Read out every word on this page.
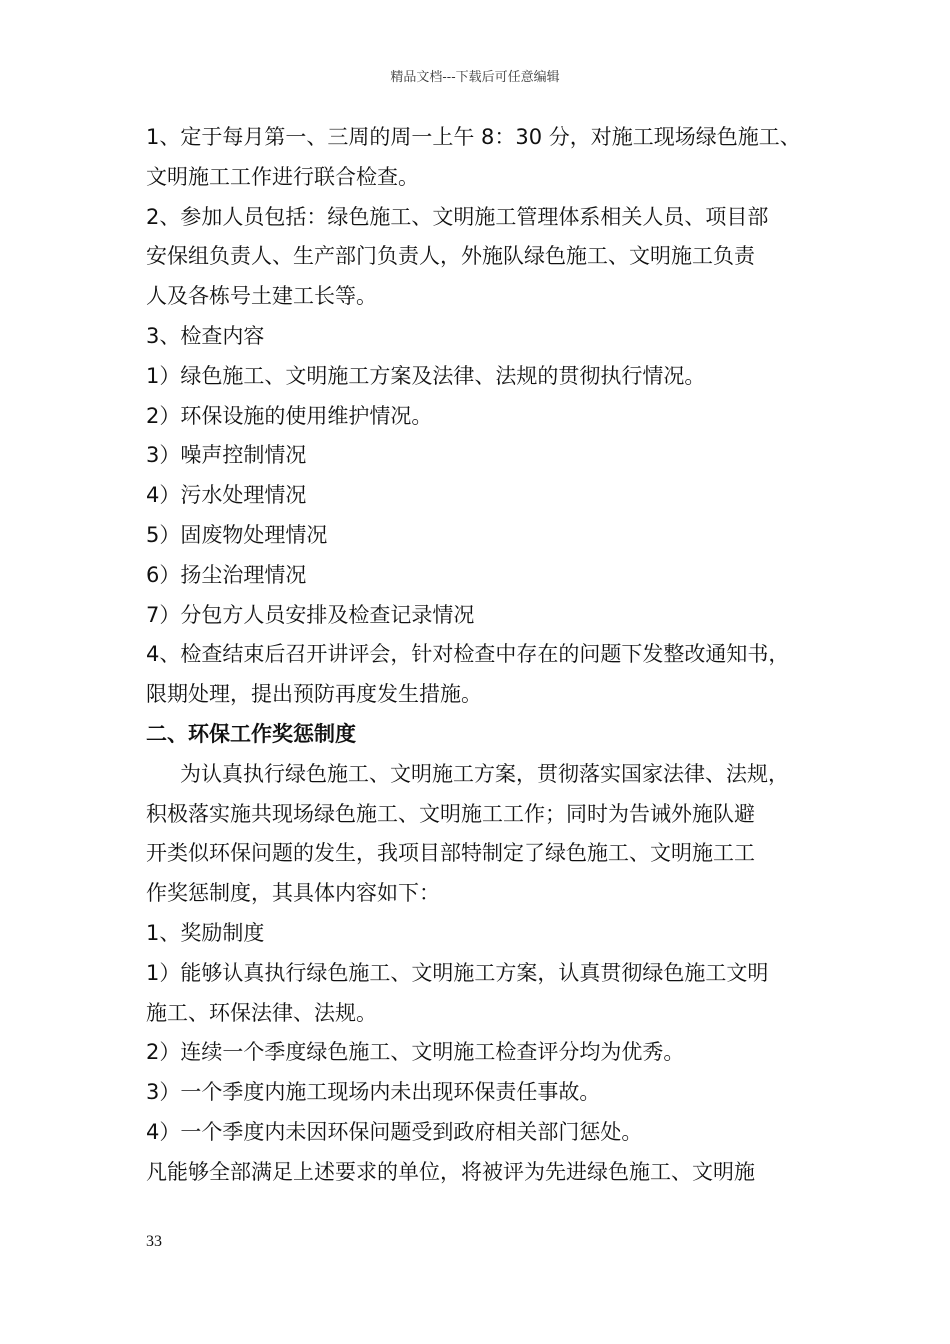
精品文档---下载后可任意编辑

1、定于每月第一、三周的周一上午 8：30 分，对施工现场绿色施工、

文明施工工作进行联合检查。

2、参加人员包括：绿色施工、文明施工管理体系相关人员、项目部

安保组负责人、生产部门负责人，外施队绿色施工、文明施工负责

人及各栋号土建工长等。

3、检查内容

1）绿色施工、文明施工方案及法律、法规的贯彻执行情况。

2）环保设施的使用维护情况。

3）噪声控制情况

4）污水处理情况

5）固废物处理情况

6）扬尘治理情况

7）分包方人员安排及检查记录情况

4、检查结束后召开讲评会，针对检查中存在的问题下发整改通知书，

限期处理，提出预防再度发生措施。

二、环保工作奖惩制度

为认真执行绿色施工、文明施工方案，贯彻落实国家法律、法规，

积极落实施共现场绿色施工、文明施工工作；同时为告诫外施队避

开类似环保问题的发生，我项目部特制定了绿色施工、文明施工工

作奖惩制度，其具体内容如下：

1、奖励制度

1）能够认真执行绿色施工、文明施工方案，认真贯彻绿色施工文明

施工、环保法律、法规。

2）连续一个季度绿色施工、文明施工检查评分均为优秀。

3）一个季度内施工现场内未出现环保责任事故。

4）一个季度内未因环保问题受到政府相关部门惩处。

凡能够全部满足上述要求的单位，将被评为先进绿色施工、文明施

33
